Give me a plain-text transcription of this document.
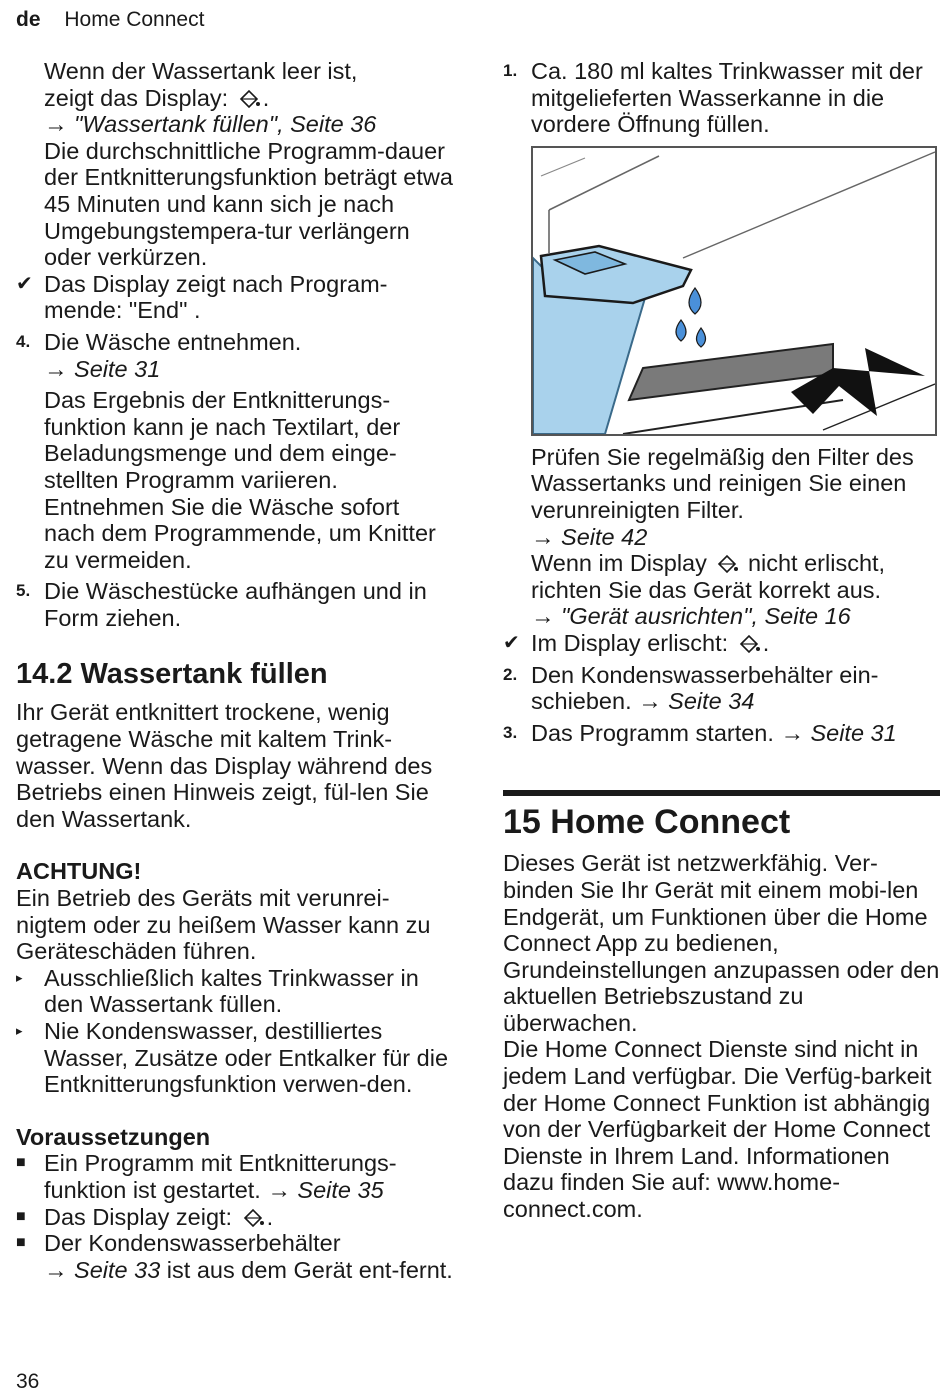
de Home Connect

Wenn der Wassertank leer ist,

zeigt das Display: .

→ "Wassertank füllen", Seite 36

Die durchschnittliche Programm-dauer der Entknitterungsfunktion beträgt etwa 45 Minuten und kann sich je nach Umgebungstempera-tur verlängern oder verkürzen.

✔ Das Display zeigt nach Program-mende: "End" .

4. Die Wäsche entnehmen.

→ Seite 31

Das Ergebnis der Entknitterungs-funktion kann je nach Textilart, der Beladungsmenge und dem einge-stellten Programm variieren. Entnehmen Sie die Wäsche sofort nach dem Programmende, um Knitter zu vermeiden.

5. Die Wäschestücke aufhängen und in Form ziehen.

14.2 Wassertank füllen

Ihr Gerät entknittert trockene, wenig getragene Wäsche mit kaltem Trink-wasser. Wenn das Display während des Betriebs einen Hinweis zeigt, fül-len Sie den Wassertank.

ACHTUNG!

Ein Betrieb des Geräts mit verunrei-nigtem oder zu heißem Wasser kann zu Geräteschäden führen.

▸ Ausschließlich kaltes Trinkwasser in den Wassertank füllen.

▸ Nie Kondenswasser, destilliertes Wasser, Zusätze oder Entkalker für die Entknitterungsfunktion verwen-den.

Voraussetzungen

■ Ein Programm mit Entknitterungs-funktion ist gestartet. → Seite 35

■ Das Display zeigt: .

■ Der Kondenswasserbehälter

→ Seite 33 ist aus dem Gerät ent-fernt.

1. Ca. 180 ml kaltes Trinkwasser mit der mitgelieferten Wasserkanne in die vordere Öffnung füllen.

Prüfen Sie regelmäßig den Filter des Wassertanks und reinigen Sie einen verunreinigten Filter.

→ Seite 42

Wenn im Display nicht erlischt, richten Sie das Gerät korrekt aus.

→ "Gerät ausrichten", Seite 16

✔ Im Display erlischt: .

2. Den Kondenswasserbehälter ein-schieben. → Seite 34

3. Das Programm starten. → Seite 31

15 Home Connect

Dieses Gerät ist netzwerkfähig. Ver-binden Sie Ihr Gerät mit einem mobi-len Endgerät, um Funktionen über die Home Connect App zu bedienen, Grundeinstellungen anzupassen oder den aktuellen Betriebszustand zu überwachen.

Die Home Connect Dienste sind nicht in jedem Land verfügbar. Die Verfüg-barkeit der Home Connect Funktion ist abhängig von der Verfügbarkeit der Home Connect Dienste in Ihrem Land. Informationen dazu finden Sie auf: www.home-connect.com.

36
